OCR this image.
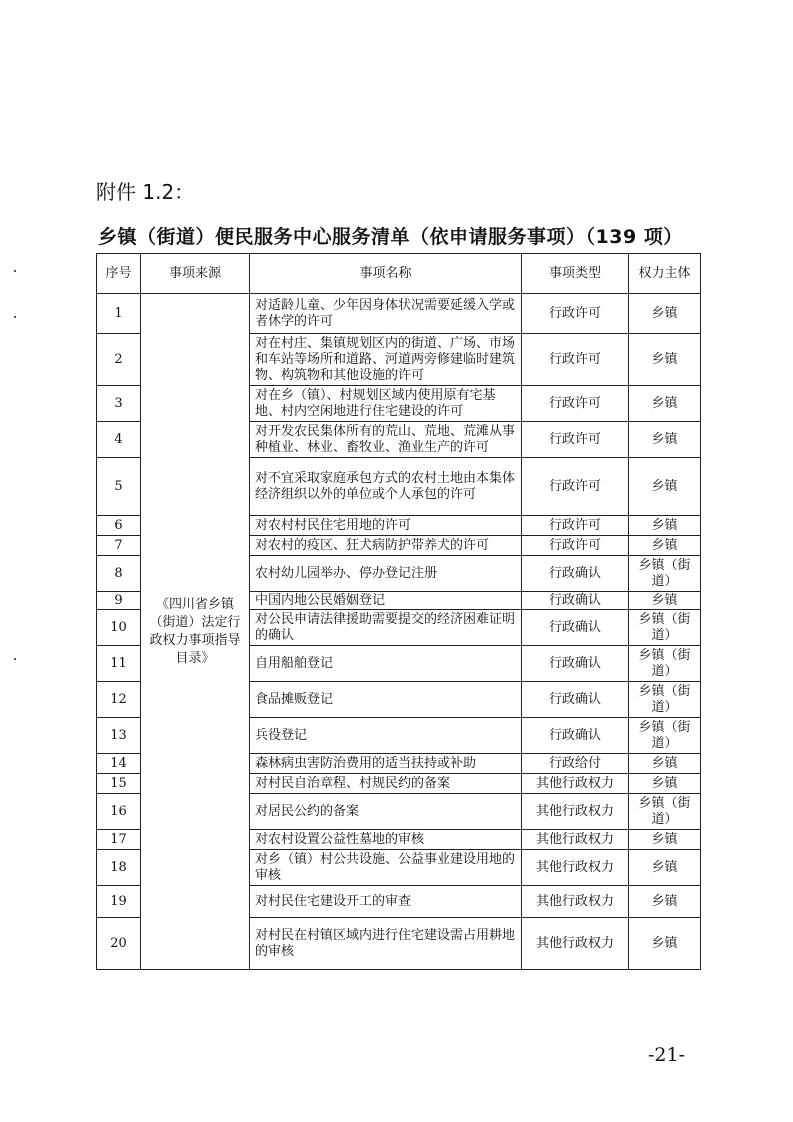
附件 1.2：
乡镇（街道）便民服务中心服务清单（依申请服务事项）（139 项）
序号	事项来源	事项名称	事项类型	权力主体
1	《四川省乡镇（街道）法定行政权力事项指导目录》	对适龄儿童、少年因身体状况需要延缓入学或者休学的许可	行政许可	乡镇
2		对在村庄、集镇规划区内的街道、广场、市场和车站等场所和道路、河道两旁修建临时建筑物、构筑物和其他设施的许可	行政许可	乡镇
3		对在乡（镇）、村规划区域内使用原有宅基地、村内空闲地进行住宅建设的许可	行政许可	乡镇
4		对开发农民集体所有的荒山、荒地、荒滩从事种植业、林业、畜牧业、渔业生产的许可	行政许可	乡镇
5		对不宜采取家庭承包方式的农村土地由本集体经济组织以外的单位或个人承包的许可	行政许可	乡镇
6		对农村村民住宅用地的许可	行政许可	乡镇
7		对农村的疫区、狂犬病防护带养犬的许可	行政许可	乡镇
8		农村幼儿园举办、停办登记注册	行政确认	乡镇（街道）
9		中国内地公民婚姻登记	行政确认	乡镇
10		对公民申请法律援助需要提交的经济困难证明的确认	行政确认	乡镇（街道）
11		自用船舶登记	行政确认	乡镇（街道）
12		食品摊贩登记	行政确认	乡镇（街道）
13		兵役登记	行政确认	乡镇（街道）
14		森林病虫害防治费用的适当扶持或补助	行政给付	乡镇
15		对村民自治章程、村规民约的备案	其他行政权力	乡镇
16		对居民公约的备案	其他行政权力	乡镇（街道）
17		对农村设置公益性墓地的审核	其他行政权力	乡镇
18		对乡（镇）村公共设施、公益事业建设用地的审核	其他行政权力	乡镇
19		对村民住宅建设开工的审查	其他行政权力	乡镇
20		对村民在村镇区域内进行住宅建设需占用耕地的审核	其他行政权力	乡镇
-21-
